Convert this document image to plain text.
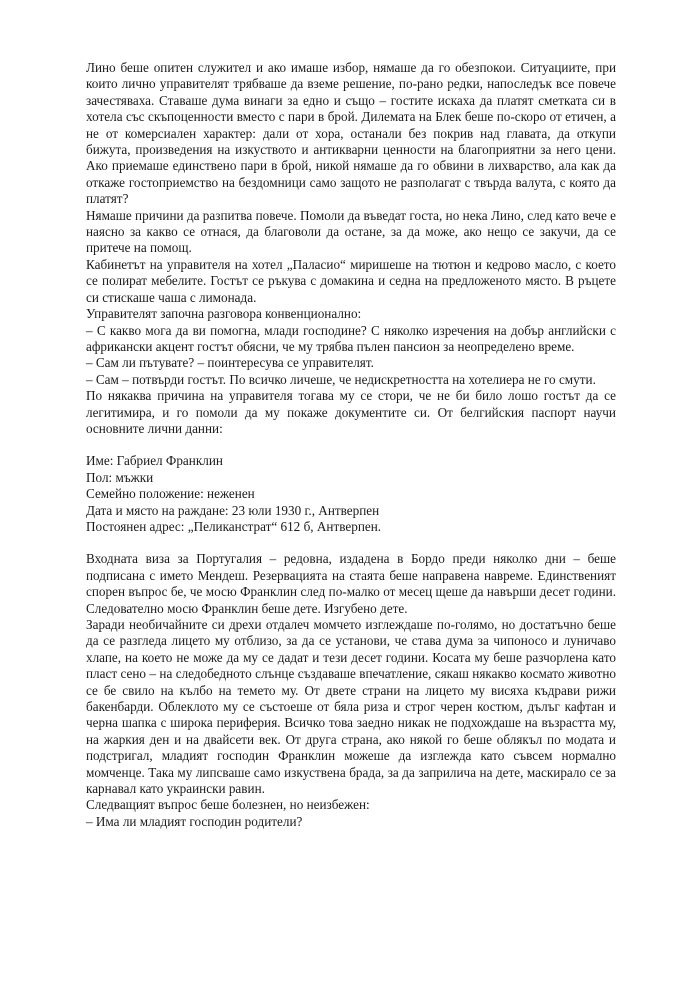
Лино беше опитен служител и ако имаше избор, нямаше да го обезпокои. Ситуациите, при които лично управителят трябваше да вземе решение, по-рано редки, напоследък все повече зачестяваха. Ставаше дума винаги за едно и също – гостите искаха да платят сметката си в хотела със скъпоценности вместо с пари в брой. Дилемата на Блек беше по-скоро от етичен, а не от комерсиален характер: дали от хора, останали без покрив над главата, да откупи бижута, произведения на изкуството и антикварни ценности на благоприятни за него цени. Ако приемаше единствено пари в брой, никой нямаше да го обвини в лихварство, ала как да откаже гостоприемство на бездомници само защото не разполагат с твърда валута, с която да платят?

Нямаше причини да разпитва повече. Помоли да въведат госта, но нека Лино, след като вече е наясно за какво се отнася, да благоволи да остане, за да може, ако нещо се закучи, да се притече на помощ.

Кабинетът на управителя на хотел „Паласио“ миришеше на тютюн и кедрово масло, с което се полират мебелите. Гостът се ръкува с домакина и седна на предложеното място. В ръцете си стискаше чаша с лимонада.

Управителят започна разговора конвенционално:

– С какво мога да ви помогна, млади господине? С няколко изречения на добър английски с африкански акцент гостът обясни, че му трябва пълен пансион за неопределено време.

– Сам ли пътувате? – поинтересува се управителят.

– Сам – потвърди гостът. По всичко личеше, че недискретността на хотелиера не го смути.

По някаква причина на управителя тогава му се стори, че не би било лошо гостът да се легитимира, и го помоли да му покаже документите си. От белгийския паспорт научи основните лични данни:

Име: Габриел Франклин

Пол: мъжки

Семейно положение: неженен

Дата и място на раждане: 23 юли 1930 г., Антверпен

Постоянен адрес: „Пеликанстрат“ 612 б, Антверпен.

Входната виза за Португалия – редовна, издадена в Бордо преди няколко дни – беше подписана с името Мендеш. Резервацията на стаята беше направена навреме. Единственият спорен въпрос бе, че мосю Франклин след по-малко от месец щеше да навърши десет години. Следователно мосю Франклин беше дете. Изгубено дете.

Заради необичайните си дрехи отдалеч момчето изглеждаше по-голямо, но достатъчно беше да се разгледа лицето му отблизо, за да се установи, че става дума за чипоносо и луничаво хлапе, на което не може да му се дадат и тези десет години. Косата му беше разчорлена като пласт сено – на следобедното слънце създаваше впечатление, сякаш някакво космато животно се бе свило на кълбо на темето му. От двете страни на лицето му висяха къдрави рижи бакенбарди. Облеклото му се състоеше от бяла риза и строг черен костюм, дълъг кафтан и черна шапка с широка периферия. Всичко това заедно никак не подхождаше на възрастта му, на жаркия ден и на двайсети век. От друга страна, ако някой го беше облякъл по модата и подстригал, младият господин Франклин можеше да изглежда като съвсем нормално момченце. Така му липсваше само изкуствена брада, за да заприлича на дете, маскирало се за карнавал като украински равин.

Следващият въпрос беше болезнен, но неизбежен:

– Има ли младият господин родители?
